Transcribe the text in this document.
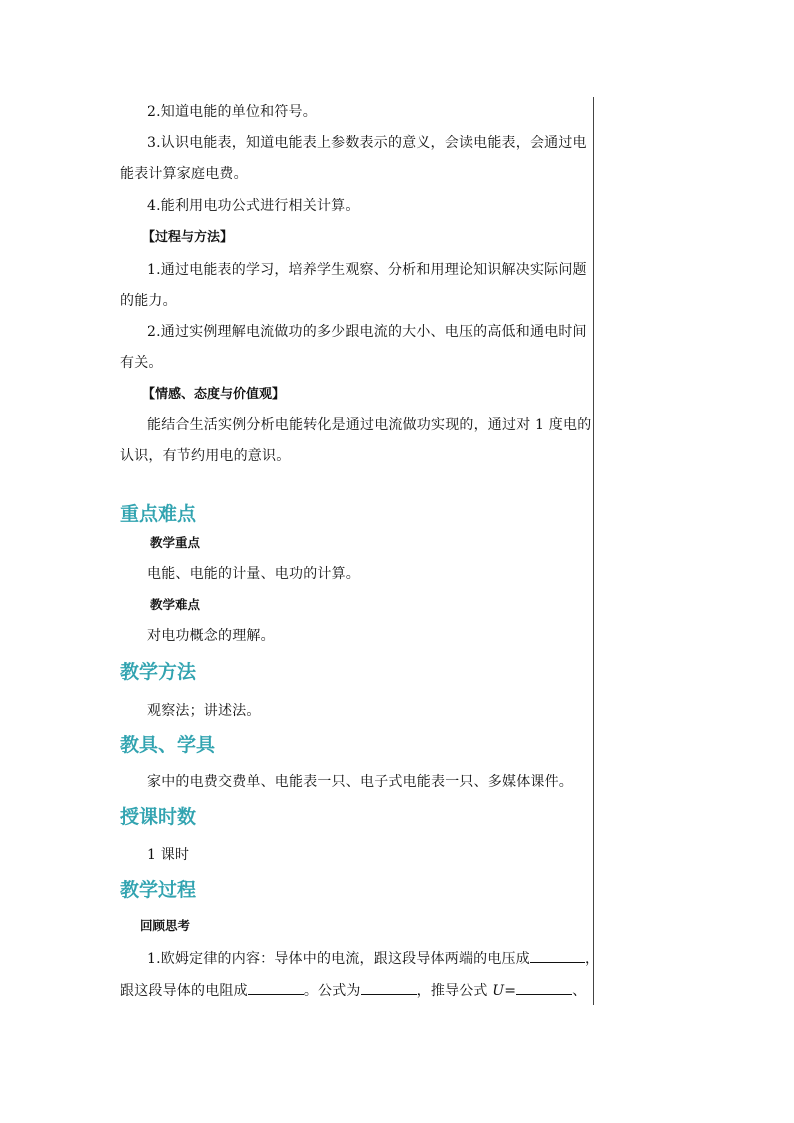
2.知道电能的单位和符号。
3.认识电能表，知道电能表上参数表示的意义，会读电能表，会通过电
能表计算家庭电费。
4.能利用电功公式进行相关计算。
【过程与方法】
1.通过电能表的学习，培养学生观察、分析和用理论知识解决实际问题
的能力。
2.通过实例理解电流做功的多少跟电流的大小、电压的高低和通电时间
有关。
【情感、态度与价值观】
能结合生活实例分析电能转化是通过电流做功实现的，通过对 1 度电的
认识，有节约用电的意识。
重点难点
教学重点
电能、电能的计量、电功的计算。
教学难点
对电功概念的理解。
教学方法
观察法；讲述法。
教具、学具
家中的电费交费单、电能表一只、电子式电能表一只、多媒体课件。
授课时数
1 课时
教学过程
回顾思考
1.欧姆定律的内容：导体中的电流，跟这段导体两端的电压成	，
跟这段导体的电阻成	。公式为	，推导公式 U=	、
